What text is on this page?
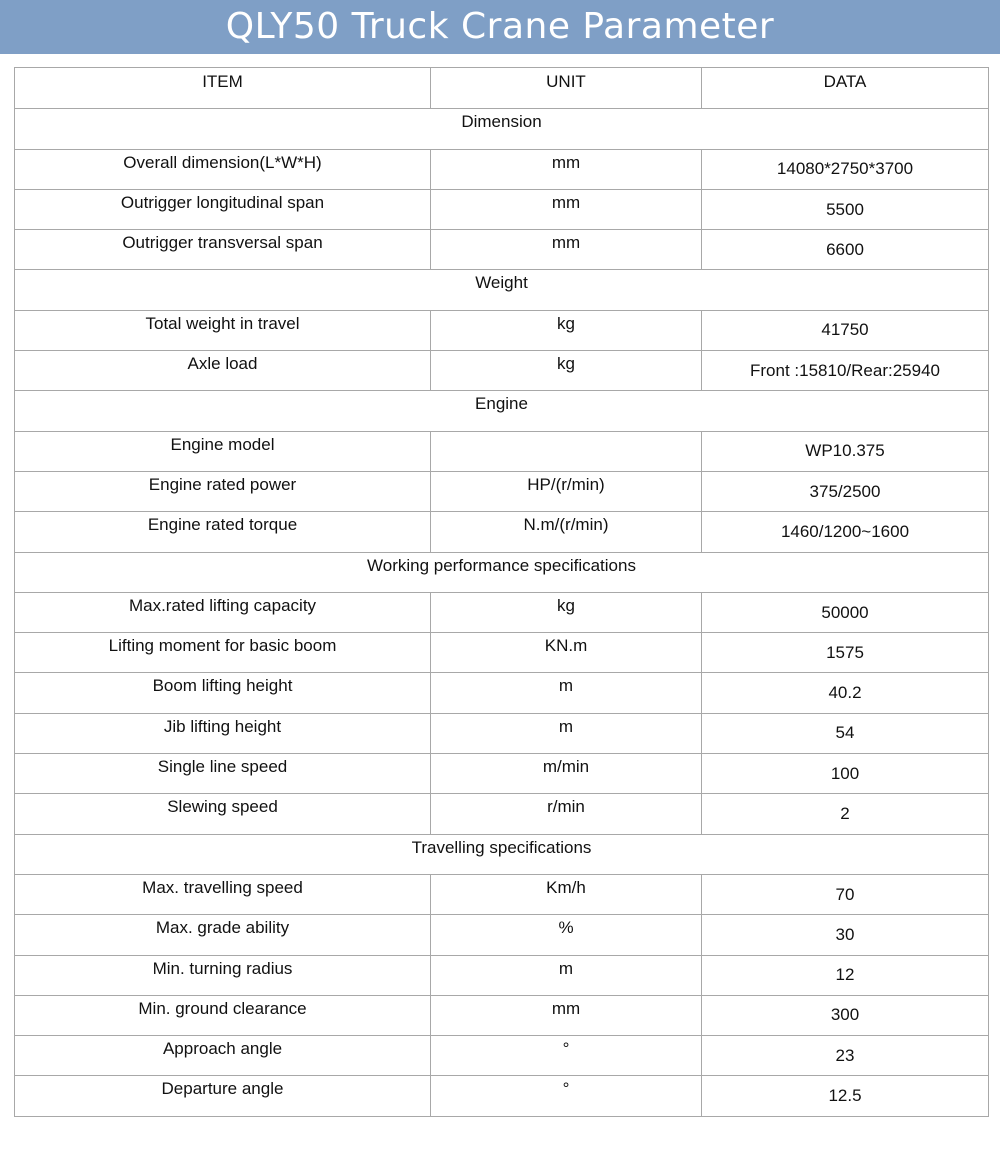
QLY50 Truck Crane Parameter
ITEM	UNIT	DATA
Dimension		
Overall dimension(L*W*H)	mm	14080*2750*3700
Outrigger longitudinal span	mm	5500
Outrigger transversal span	mm	6600
Weight		
Total weight in travel	kg	41750
Axle load	kg	Front :15810/Rear:25940
Engine		
Engine model		WP10.375
Engine rated power	HP/(r/min)	375/2500
Engine rated torque	N.m/(r/min)	1460/1200~1600
Working performance specifications		
Max.rated lifting capacity	kg	50000
Lifting moment for basic boom	KN.m	1575
Boom lifting height	m	40.2
Jib lifting height	m	54
Single line speed	m/min	100
Slewing speed	r/min	2
Travelling specifications		
Max. travelling speed	Km/h	70
Max. grade ability	%	30
Min. turning radius	m	12
Min. ground clearance	mm	300
Approach angle	°	23
Departure angle	°	12.5
